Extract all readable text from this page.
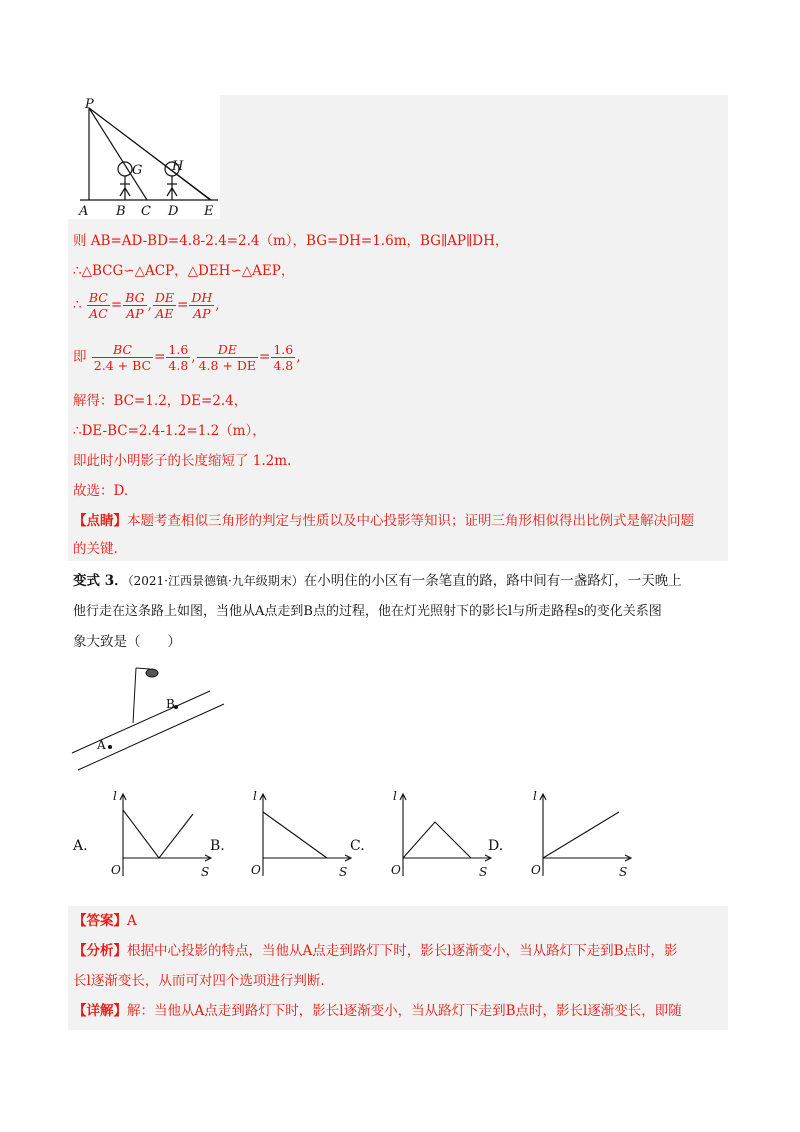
P
G H
A B C D E
则 AB=AD-BD=4.8-2.4=2.4（m），BG=DH=1.6m，BG∥AP∥DH，
∴△BCG∽△ACP，△DEH∽△AEP，
∴ $\frac{BC}{AC} = \frac{BG}{AP}$ , $\frac{DE}{AE} = \frac{DH}{AP}$ ,
即 $\frac{BC}{2.4 + BC} = \frac{1.6}{4.8}$ , $\frac{DE}{4.8 + DE} = \frac{1.6}{4.8}$ ,
解得：BC=1.2，DE=2.4，
∴DE-BC=2.4-1.2=1.2（m），
即此时小明影子的长度缩短了 1.2m.
故选：D.
【点睛】本题考查相似三角形的判定与性质以及中心投影等知识；证明三角形相似得出比例式是解决问题
的关键.
变式 3．（2021·江西景德镇·九年级期末）在小明住的小区有一条笔直的路，路中间有一盏路灯，一天晚上
他行走在这条路上如图，当他从A点走到B点的过程，他在灯光照射下的影长l与所走路程s的变化关系图
象大致是（　　）
B
A
A.	B.	C.	D.
l
O	S
l
O	S
l
O	S
l
O	S
【答案】A
【分析】根据中心投影的特点，当他从A点走到路灯下时，影长l逐渐变小，当从路灯下走到B点时，影
长l逐渐变长，从而可对四个选项进行判断.
【详解】解：当他从A点走到路灯下时，影长l逐渐变小，当从路灯下走到B点时，影长l逐渐变长，即随
